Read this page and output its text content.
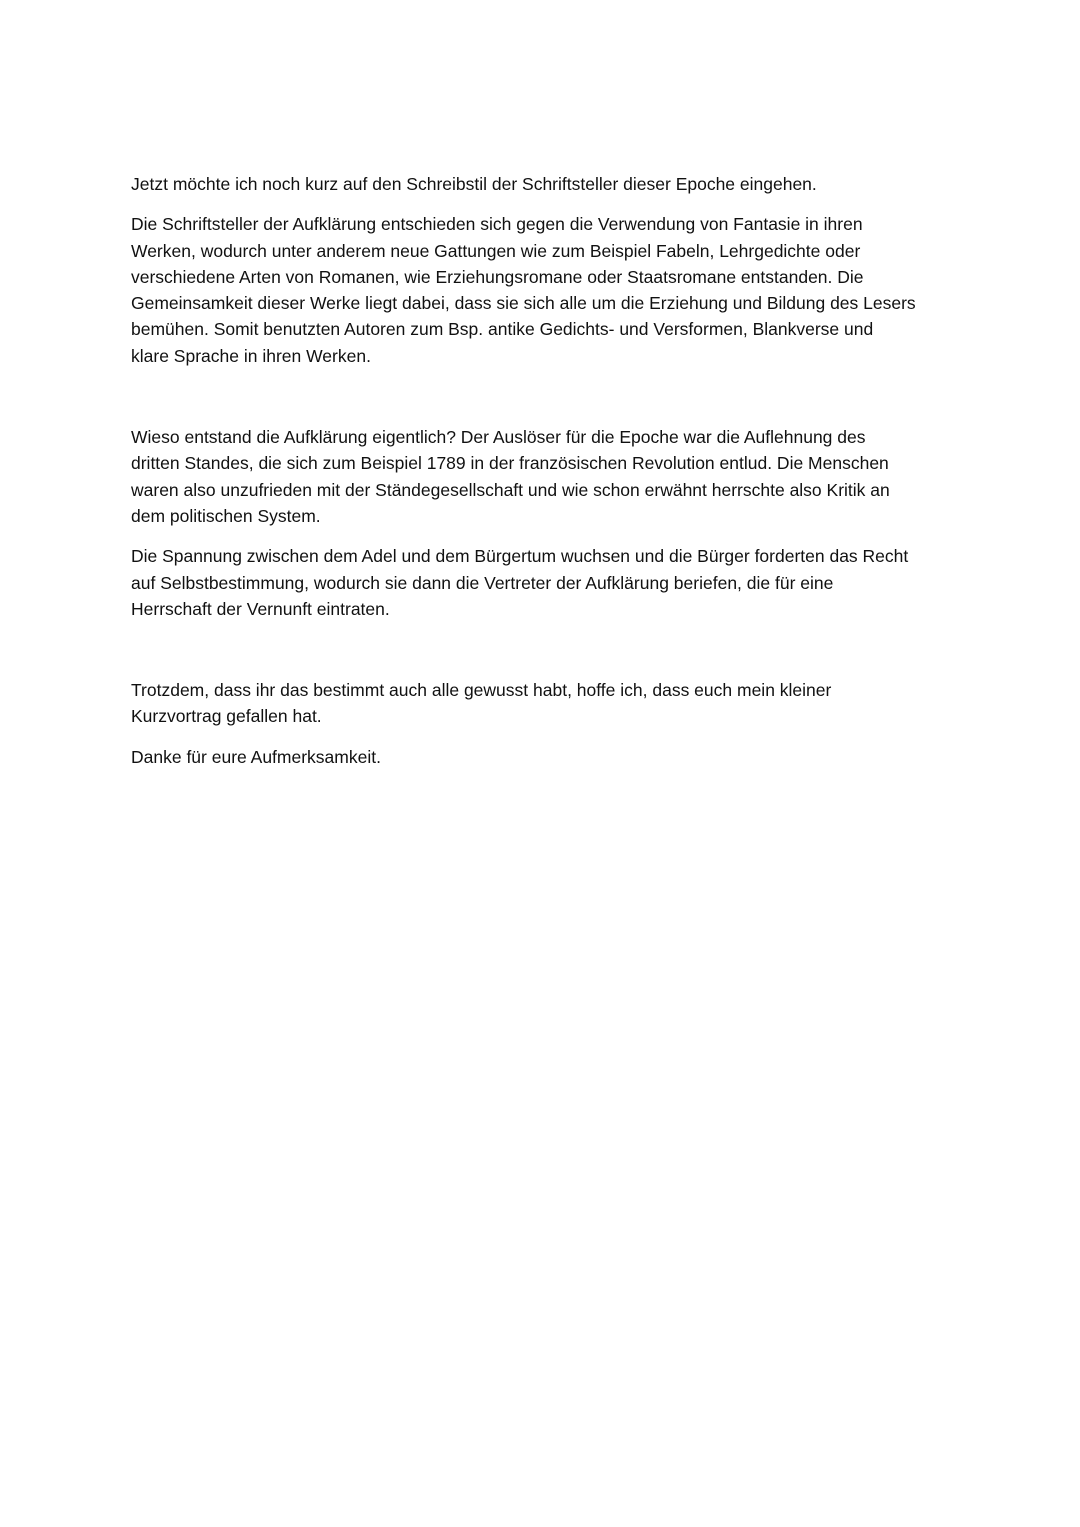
Jetzt möchte ich noch kurz auf den Schreibstil der Schriftsteller dieser Epoche eingehen.

Die Schriftsteller der Aufklärung entschieden sich gegen die Verwendung von Fantasie in ihren
Werken, wodurch unter anderem neue Gattungen wie zum Beispiel Fabeln, Lehrgedichte oder
verschiedene Arten von Romanen, wie Erziehungsromane oder Staatsromane entstanden. Die
Gemeinsamkeit dieser Werke liegt dabei, dass sie sich alle um die Erziehung und Bildung des Lesers
bemühen. Somit benutzten Autoren zum Bsp. antike Gedichts- und Versformen, Blankverse und
klare Sprache in ihren Werken.

Wieso entstand die Aufklärung eigentlich? Der Auslöser für die Epoche war die Auflehnung des
dritten Standes, die sich zum Beispiel 1789 in der französischen Revolution entlud. Die Menschen
waren also unzufrieden mit der Ständegesellschaft und wie schon erwähnt herrschte also Kritik an
dem politischen System.

Die Spannung zwischen dem Adel und dem Bürgertum wuchsen und die Bürger forderten das Recht
auf Selbstbestimmung, wodurch sie dann die Vertreter der Aufklärung beriefen, die für eine
Herrschaft der Vernunft eintraten.

Trotzdem, dass ihr das bestimmt auch alle gewusst habt, hoffe ich, dass euch mein kleiner
Kurzvortrag gefallen hat.

Danke für eure Aufmerksamkeit.
